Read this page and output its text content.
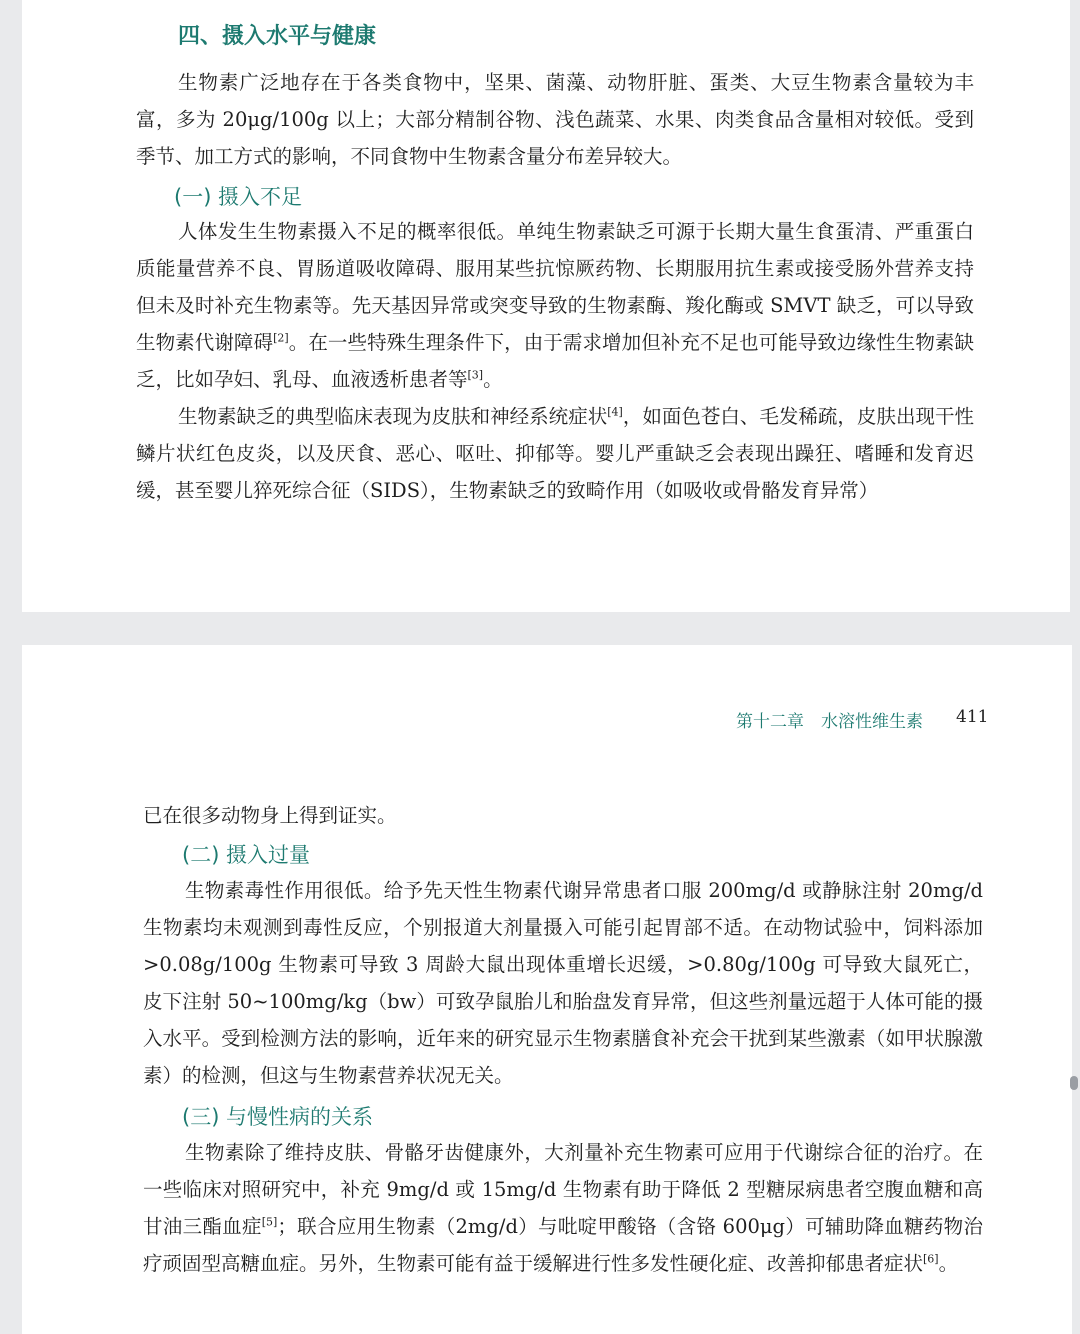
四、摄入水平与健康

生物素广泛地存在于各类食物中，坚果、菌藻、动物肝脏、蛋类、大豆生物素含量较为丰富，多为 20μg/100g 以上；大部分精制谷物、浅色蔬菜、水果、肉类食品含量相对较低。受到季节、加工方式的影响，不同食物中生物素含量分布差异较大。

(一) 摄入不足

人体发生生物素摄入不足的概率很低。单纯生物素缺乏可源于长期大量生食蛋清、严重蛋白质能量营养不良、胃肠道吸收障碍、服用某些抗惊厥药物、长期服用抗生素或接受肠外营养支持但未及时补充生物素等。先天基因异常或突变导致的生物素酶、羧化酶或 SMVT 缺乏，可以导致生物素代谢障碍[2]。在一些特殊生理条件下，由于需求增加但补充不足也可能导致边缘性生物素缺乏，比如孕妇、乳母、血液透析患者等[3]。

生物素缺乏的典型临床表现为皮肤和神经系统症状[4]，如面色苍白、毛发稀疏，皮肤出现干性鳞片状红色皮炎，以及厌食、恶心、呕吐、抑郁等。婴儿严重缺乏会表现出躁狂、嗜睡和发育迟缓，甚至婴儿猝死综合征（SIDS），生物素缺乏的致畸作用（如吸收或骨骼发育异常）

第十二章　水溶性维生素 411

已在很多动物身上得到证实。

(二) 摄入过量

生物素毒性作用很低。给予先天性生物素代谢异常患者口服 200mg/d 或静脉注射 20mg/d 生物素均未观测到毒性反应，个别报道大剂量摄入可能引起胃部不适。在动物试验中，饲料添加 >0.08g/100g 生物素可导致 3 周龄大鼠出现体重增长迟缓，>0.80g/100g 可导致大鼠死亡，皮下注射 50~100mg/kg（bw）可致孕鼠胎儿和胎盘发育异常，但这些剂量远超于人体可能的摄入水平。受到检测方法的影响，近年来的研究显示生物素膳食补充会干扰到某些激素（如甲状腺激素）的检测，但这与生物素营养状况无关。

(三) 与慢性病的关系

生物素除了维持皮肤、骨骼牙齿健康外，大剂量补充生物素可应用于代谢综合征的治疗。在一些临床对照研究中，补充 9mg/d 或 15mg/d 生物素有助于降低 2 型糖尿病患者空腹血糖和高甘油三酯血症[5]；联合应用生物素（2mg/d）与吡啶甲酸铬（含铬 600μg）可辅助降血糖药物治疗顽固型高糖血症。另外，生物素可能有益于缓解进行性多发性硬化症、改善抑郁患者症状[6]。
